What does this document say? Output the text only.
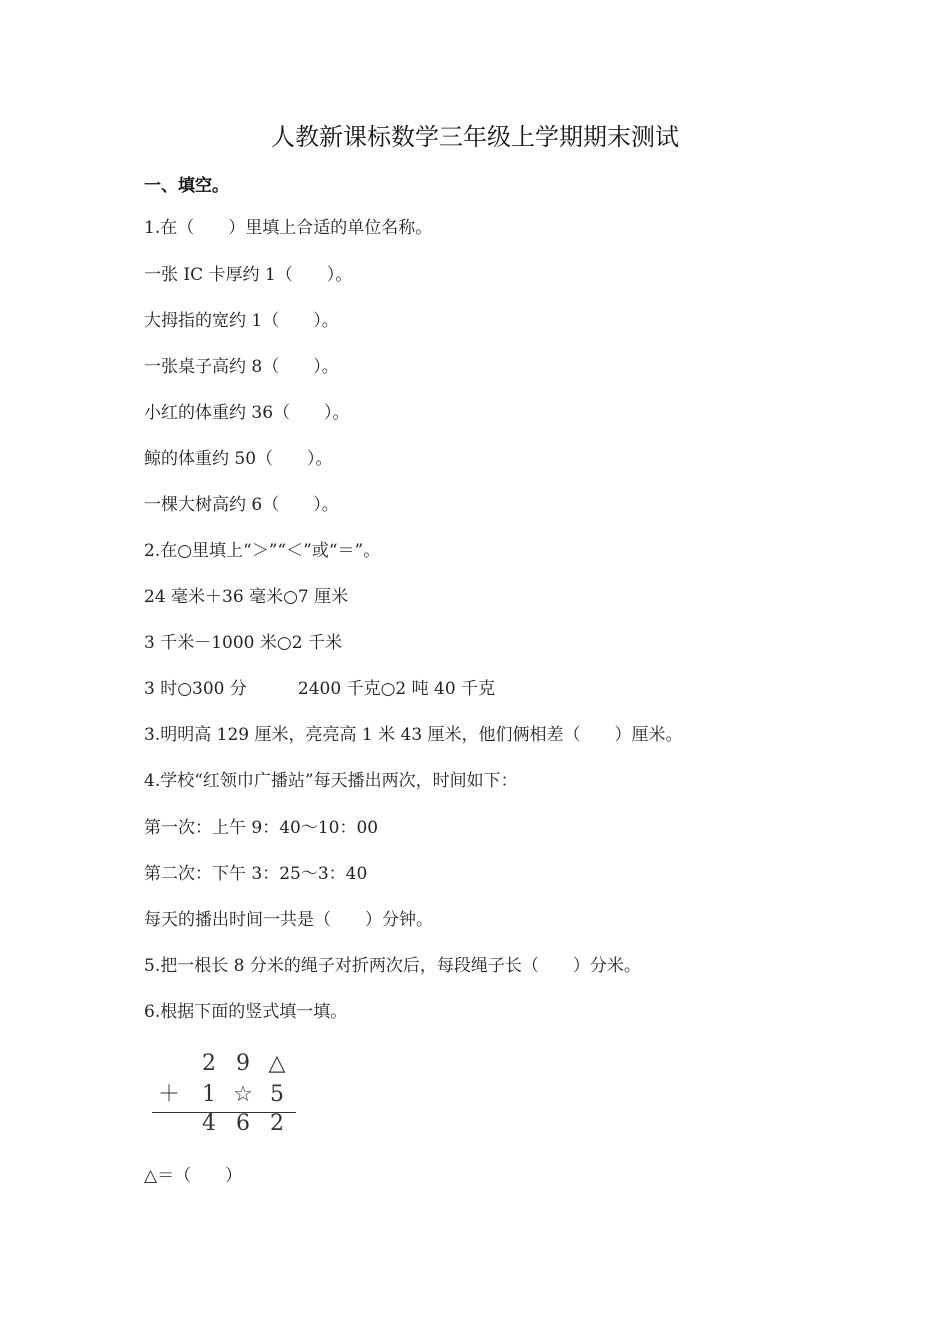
人教新课标数学三年级上学期期末测试
一、填空。
1.在（　　）里填上合适的单位名称。
一张 IC 卡厚约 1（　　）。
大拇指的宽约 1（　　）。
一张桌子高约 8（　　）。
小红的体重约 36（　　）。
鲸的体重约 50（　　）。
一棵大树高约 6（　　）。
2.在○里填上“＞”“＜”或“＝”。
24 毫米＋36 毫米○7 厘米
3 千米－1000 米○2 千米
3 时○300 分　　　2400 千克○2 吨 40 千克
3.明明高 129 厘米，亮亮高 1 米 43 厘米，他们俩相差（　　）厘米。
4.学校“红领巾广播站”每天播出两次，时间如下：
第一次：上午 9：40～10：00
第二次：下午 3：25～3：40
每天的播出时间一共是（　　）分钟。
5.把一根长 8 分米的绳子对折两次后，每段绳子长（　　）分米。
6.根据下面的竖式填一填。
2 9 △
＋	1 ☆ 5
4 6 2
△＝（　　）
